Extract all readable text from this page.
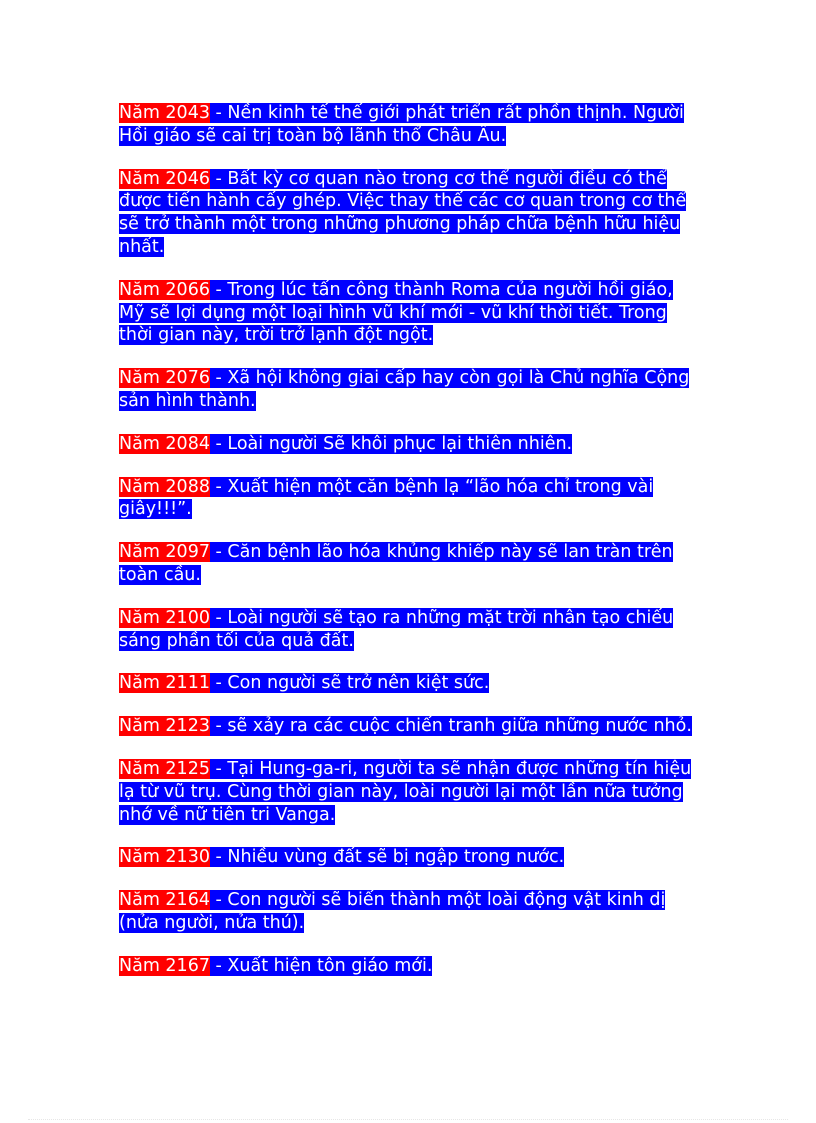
Năm 2043 - Nền kinh tế thế giới phát triển rất phồn thịnh. Người Hồi giáo sẽ cai trị toàn bộ lãnh thổ Châu Âu.

Năm 2046 - Bất kỳ cơ quan nào trong cơ thể người điều có thể được tiến hành cấy ghép. Việc thay thế các cơ quan trong cơ thể sẽ trở thành một trong những phương pháp chữa bệnh hữu hiệu nhất.

Năm 2066 - Trong lúc tấn công thành Roma của người hồi giáo, Mỹ sẽ lợi dụng một loại hình vũ khí mới - vũ khí thời tiết. Trong thời gian này, trời trở lạnh đột ngột.

Năm 2076 - Xã hội không giai cấp hay còn gọi là Chủ nghĩa Cộng sản hình thành.

Năm 2084 - Loài người Sẽ khôi phục lại thiên nhiên.

Năm 2088 - Xuất hiện một căn bệnh lạ “lão hóa chỉ trong vài giây!!!”.

Năm 2097 - Căn bệnh lão hóa khủng khiếp này sẽ lan tràn trên toàn cầu.

Năm 2100 - Loài người sẽ tạo ra những mặt trời nhân tạo chiếu sáng phần tối của quả đất.

Năm 2111 - Con người sẽ trở nên kiệt sức.

Năm 2123 - sẽ xảy ra các cuộc chiến tranh giữa những nước nhỏ.

Năm 2125 - Tại Hung-ga-ri, người ta sẽ nhận được những tín hiệu lạ từ vũ trụ. Cùng thời gian này, loài người lại một lần nữa tưởng nhớ về nữ tiên tri Vanga.

Năm 2130 - Nhiều vùng đất sẽ bị ngập trong nước.

Năm 2164 - Con người sẽ biến thành một loài động vật kinh dị (nửa người, nửa thú).

Năm 2167 - Xuất hiện tôn giáo mới.
